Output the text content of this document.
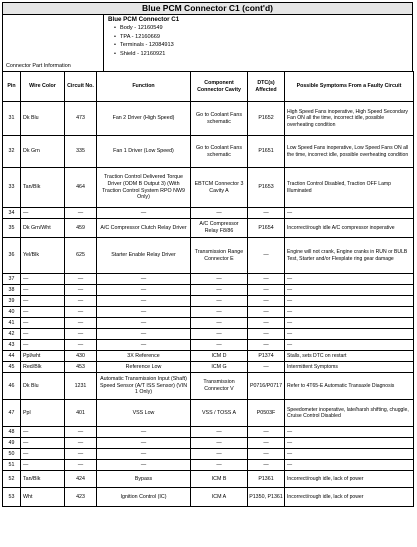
Blue PCM Connector C1 (cont'd)
Connector Part Information
Blue PCM Connector C1
• Body - 12160549
• TPA - 12160669
• Terminals - 12084913
• Shield - 12160921
Pin	Wire Color	Circuit No.	Function	Component Connector Cavity	DTC(s) Affected	Possible Symptoms From a Faulty Circuit
31	Dk Blu	473	Fan 2 Driver (High Speed)	Go to Coolant Fans schematic	P1652	High Speed Fans inoperative, High Speed Secondary Fan ON all the time, incorrect idle, possible overheating condition
32	Dk Grn	335	Fan 1 Driver (Low Speed)	Go to Coolant Fans schematic	P1651	Low Speed Fans inoperative, Low Speed Fans ON all the time, incorrect idle, possible overheating condition
33	Tan/Blk	464	Traction Control Delivered Torque Driver (ODM B Output 3) (With Traction Control System RPO NW9 Only)	EBTCM Connector 3 Cavity A	P1653	Traction Control Disabled, Traction OFF Lamp Illuminated
34	—	—	—	—	—	—
35	Dk Grn/Wht	459	A/C Compressor Clutch Relay Driver	A/C Compressor Relay F8/86	P1654	Incorrect/rough idle A/C compressor inoperative
36	Yel/Blk	625	Starter Enable Relay Driver	Transmission Range Connector E	—	Engine will not crank, Engine cranks in RUN or BULB Test, Starter and/or Flexplate ring gear damage
37	—	—	—	—	—	—
38	—	—	—	—	—	—
39	—	—	—	—	—	—
40	—	—	—	—	—	—
41	—	—	—	—	—	—
42	—	—	—	—	—	—
43	—	—	—	—	—	—
44	Ppl/wht	430	3X Reference	ICM D	P1374	Stalls, sets DTC on restart
45	Red/Blk	453	Reference Low	ICM G	—	Intermittent Symptoms
46	Dk Blu	1231	Automatic Transmission Input (Shaft) Speed Sensor (A/T ISS Sensor) (VIN 1 Only)	Transmission Connector V	P0716/P0717	Refer to 4T65-E Automatic Transaxle Diagnosis
47	Ppl	401	VSS Low	VSS / TOSS A	P0503F	Speedometer inoperative, late/harsh shifting, chuggle, Cruise Control Disabled
48	—	—	—	—	—	—
49	—	—	—	—	—	—
50	—	—	—	—	—	—
51	—	—	—	—	—	—
52	Tan/Blk	424	Bypass	ICM B	P1361	Incorrect/rough idle, lack of power
53	Wht	423	Ignition Control (IC)	ICM A	P1350, P1361	Incorrect/rough idle, lack of power
